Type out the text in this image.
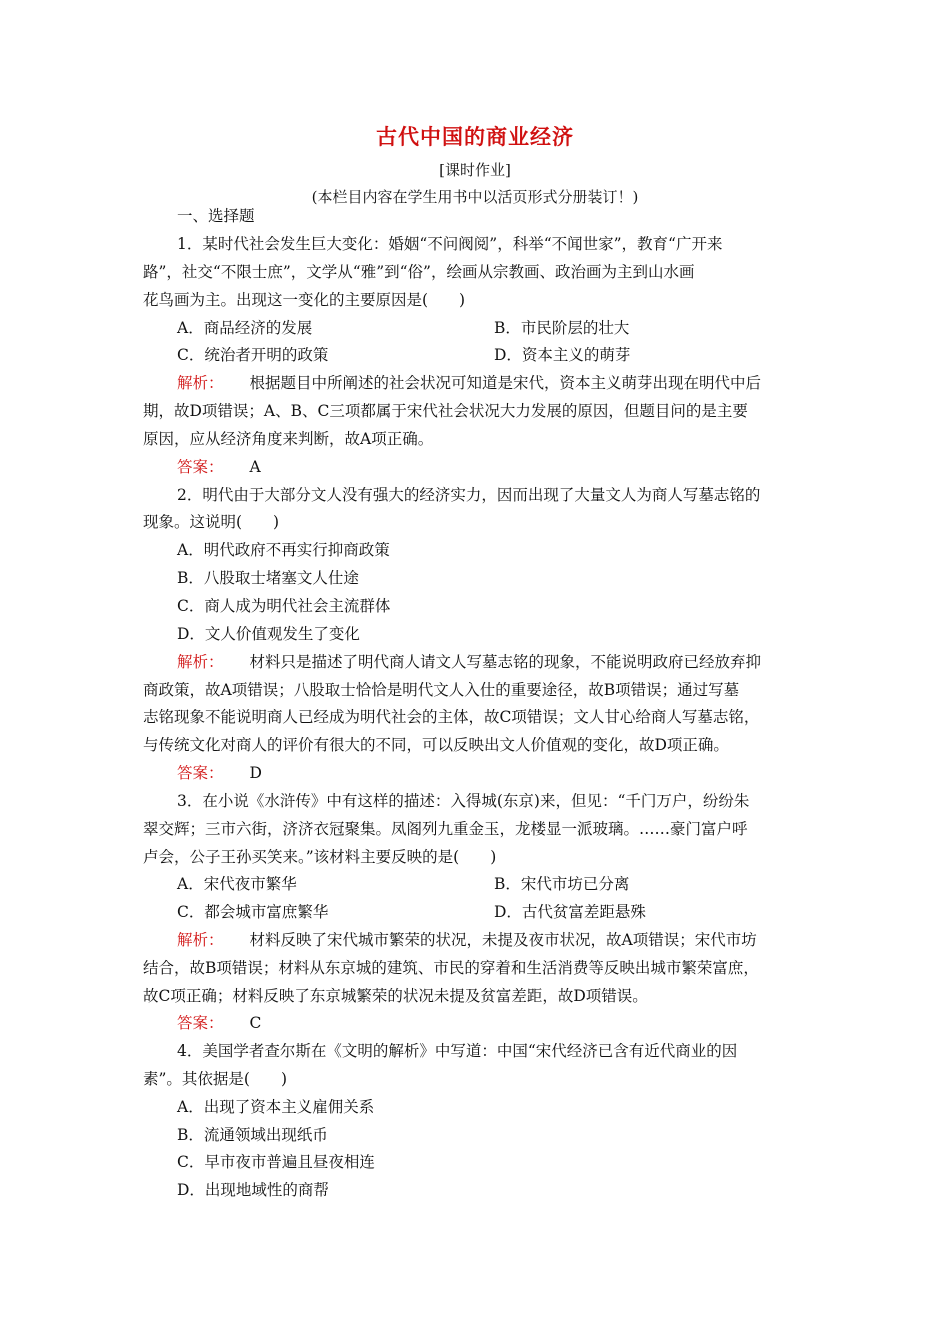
古代中国的商业经济
[课时作业]
(本栏目内容在学生用书中以活页形式分册装订！)
一、选择题
1．某时代社会发生巨大变化：婚姻“不问阀阅”，科举“不闻世家”，教育“广开来
路”，社交“不限士庶”，文学从“雅”到“俗”，绘画从宗教画、政治画为主到山水画
花鸟画为主。出现这一变化的主要原因是(　　)
A．商品经济的发展	B．市民阶层的壮大
C．统治者开明的政策	D．资本主义的萌芽
解析： 根据题目中所阐述的社会状况可知道是宋代，资本主义萌芽出现在明代中后
期，故D项错误；A、B、C三项都属于宋代社会状况大力发展的原因，但题目问的是主要
原因，应从经济角度来判断，故A项正确。
答案： A
2．明代由于大部分文人没有强大的经济实力，因而出现了大量文人为商人写墓志铭的
现象。这说明(　　)
A．明代政府不再实行抑商政策
B．八股取士堵塞文人仕途
C．商人成为明代社会主流群体
D．文人价值观发生了变化
解析： 材料只是描述了明代商人请文人写墓志铭的现象，不能说明政府已经放弃抑
商政策，故A项错误；八股取士恰恰是明代文人入仕的重要途径，故B项错误；通过写墓
志铭现象不能说明商人已经成为明代社会的主体，故C项错误；文人甘心给商人写墓志铭，
与传统文化对商人的评价有很大的不同，可以反映出文人价值观的变化，故D项正确。
答案： D
3．在小说《水浒传》中有这样的描述：入得城(东京)来，但见：“千门万户，纷纷朱
翠交辉；三市六街，济济衣冠聚集。凤阁列九重金玉，龙楼显一派玻璃。……豪门富户呼
卢会，公子王孙买笑来。”该材料主要反映的是(　　)
A．宋代夜市繁华	B．宋代市坊已分离
C．都会城市富庶繁华	D．古代贫富差距悬殊
解析： 材料反映了宋代城市繁荣的状况，未提及夜市状况，故A项错误；宋代市坊
结合，故B项错误；材料从东京城的建筑、市民的穿着和生活消费等反映出城市繁荣富庶，
故C项正确；材料反映了东京城繁荣的状况未提及贫富差距，故D项错误。
答案： C
4．美国学者查尔斯在《文明的解析》中写道：中国“宋代经济已含有近代商业的因
素”。其依据是(　　)
A．出现了资本主义雇佣关系
B．流通领域出现纸币
C．早市夜市普遍且昼夜相连
D．出现地域性的商帮
